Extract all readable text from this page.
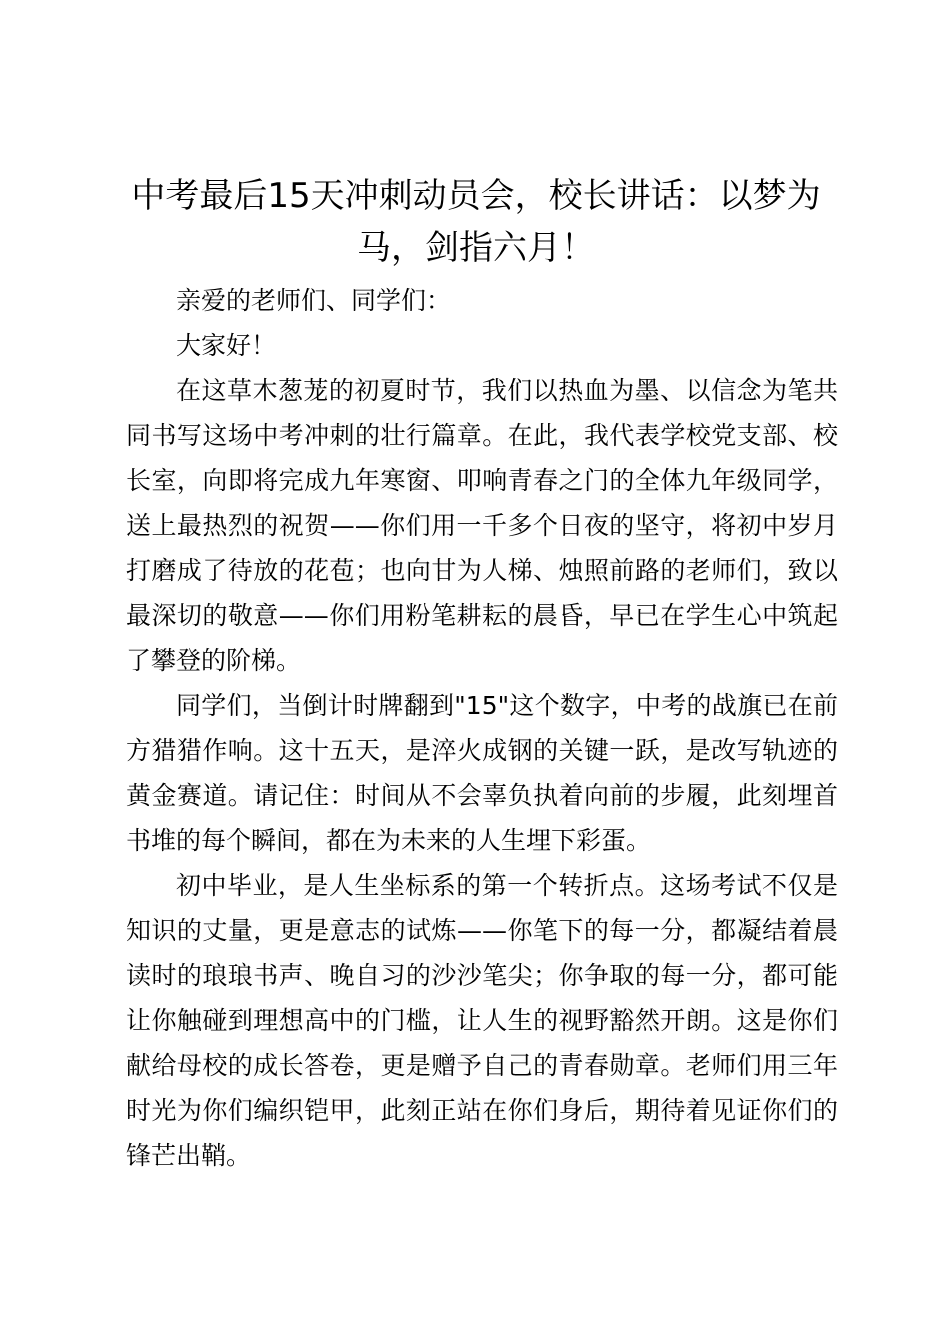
中考最后15天冲刺动员会，校长讲话：以梦为马，剑指六月！

亲爱的老师们、同学们：

大家好！

在这草木葱茏的初夏时节，我们以热血为墨、以信念为笔共同书写这场中考冲刺的壮行篇章。在此，我代表学校党支部、校长室，向即将完成九年寒窗、叩响青春之门的全体九年级同学，送上最热烈的祝贺——你们用一千多个日夜的坚守，将初中岁月打磨成了待放的花苞；也向甘为人梯、烛照前路的老师们，致以最深切的敬意——你们用粉笔耕耘的晨昏，早已在学生心中筑起了攀登的阶梯。

同学们，当倒计时牌翻到"15"这个数字，中考的战旗已在前方猎猎作响。这十五天，是淬火成钢的关键一跃，是改写轨迹的黄金赛道。请记住：时间从不会辜负执着向前的步履，此刻埋首书堆的每个瞬间，都在为未来的人生埋下彩蛋。

初中毕业，是人生坐标系的第一个转折点。这场考试不仅是知识的丈量，更是意志的试炼——你笔下的每一分，都凝结着晨读时的琅琅书声、晚自习的沙沙笔尖；你争取的每一分，都可能让你触碰到理想高中的门槛，让人生的视野豁然开朗。这是你们献给母校的成长答卷，更是赠予自己的青春勋章。老师们用三年时光为你们编织铠甲，此刻正站在你们身后，期待着见证你们的锋芒出鞘。
